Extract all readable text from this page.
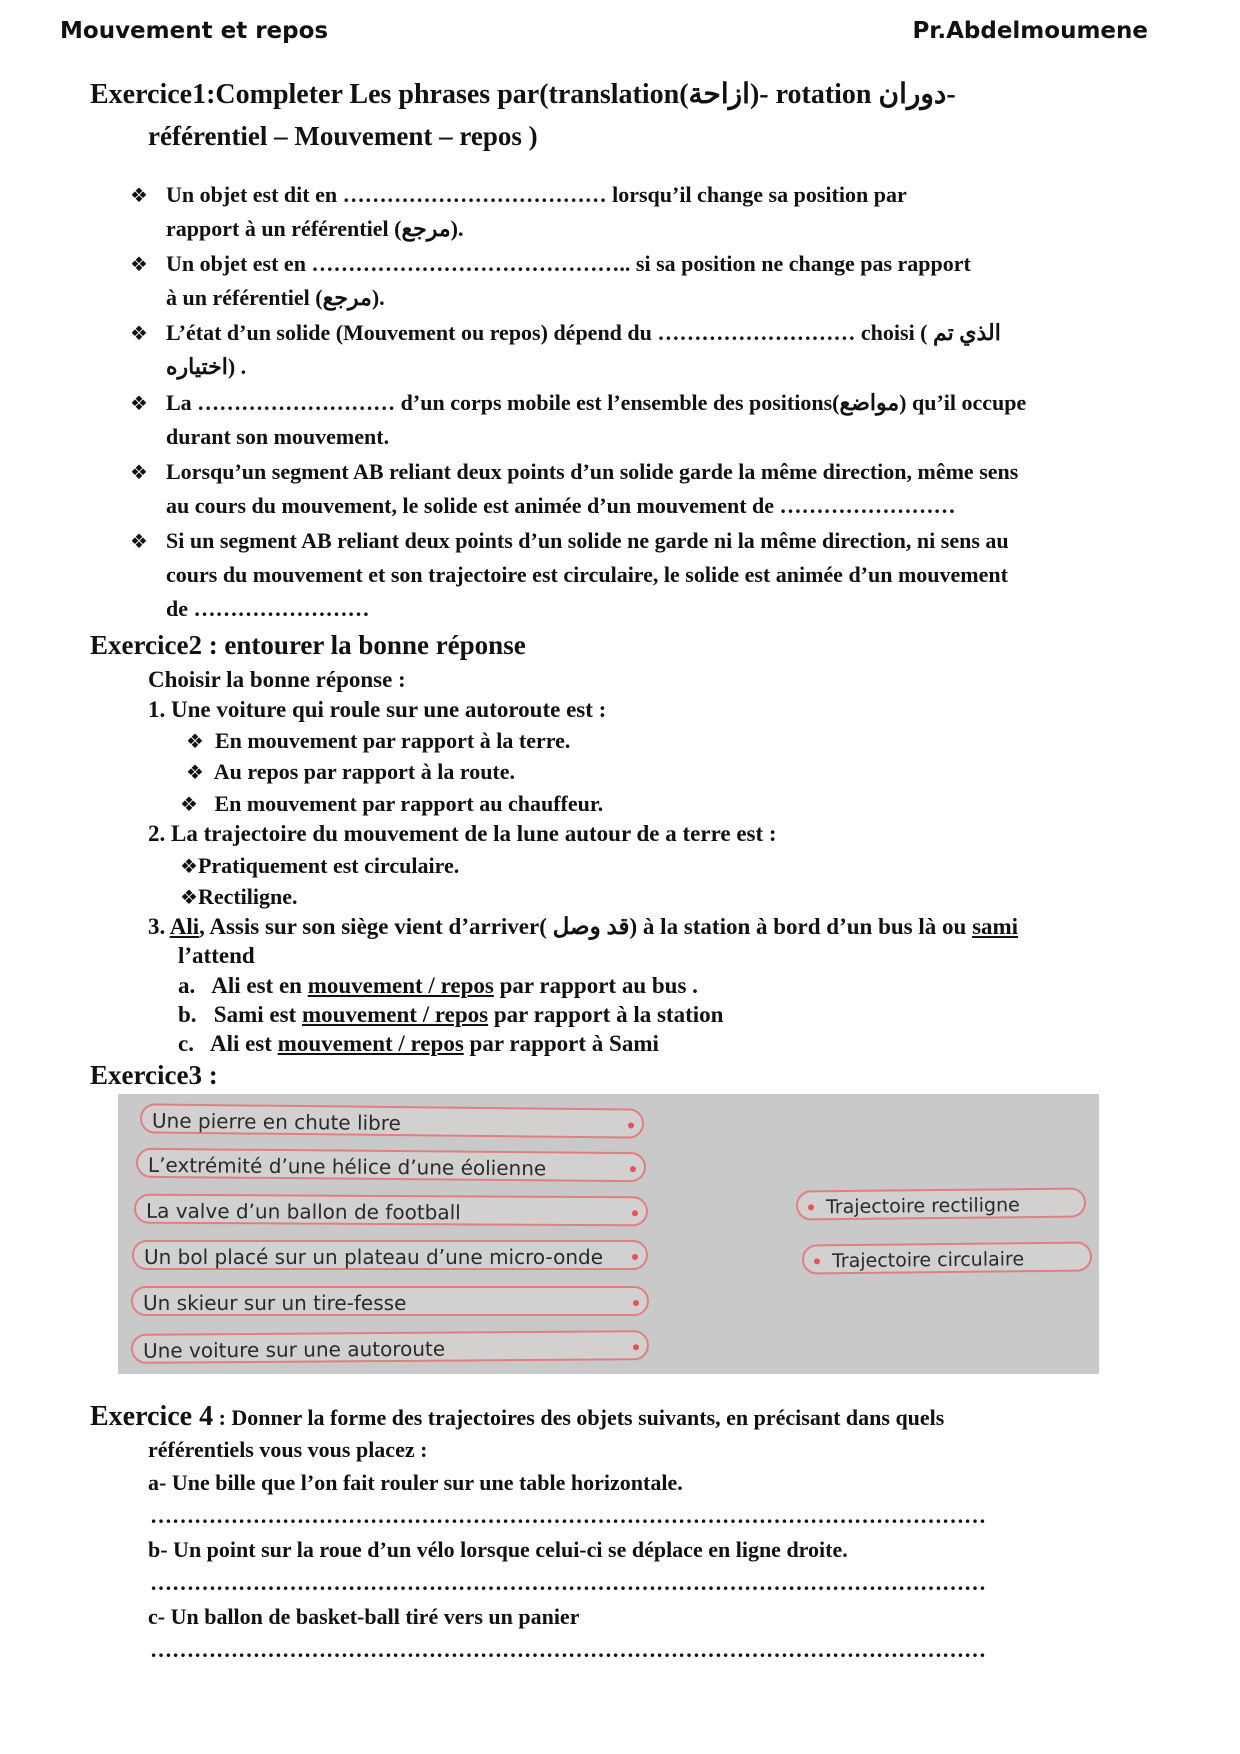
Mouvement et repos	Pr.Abdelmoumene
Exercice1:Completer Les phrases par(translation(ازاحة)- rotation دوران-
référentiel – Mouvement – repos )
❖ Un objet est dit en ……………………………… lorsqu’il change sa position par
rapport à un référentiel (مرجع).
❖ Un objet est en …………………………………….. si sa position ne change pas rapport
à un référentiel (مرجع).
❖ L’état d’un solide (Mouvement ou repos) dépend du ……………………… choisi ( الذي تم
اختياره) .
❖ La ……………………… d’un corps mobile est l’ensemble des positions(مواضع) qu’il occupe
durant son mouvement.
❖ Lorsqu’un segment AB reliant deux points d’un solide garde la même direction, même sens
au cours du mouvement, le solide est animée d’un mouvement de ……………………
❖ Si un segment AB reliant deux points d’un solide ne garde ni la même direction, ni sens au
cours du mouvement et son trajectoire est circulaire, le solide est animée d’un mouvement
de ……………………
Exercice2 : entourer la bonne réponse
Choisir la bonne réponse :
1. Une voiture qui roule sur une autoroute est :
❖ En mouvement par rapport à la terre.
❖ Au repos par rapport à la route.
❖ En mouvement par rapport au chauffeur.
2. La trajectoire du mouvement de la lune autour de a terre est :
❖Pratiquement est circulaire.
❖Rectiligne.
3. Ali, Assis sur son siège vient d’arriver( قد وصل) à la station à bord d’un bus là ou sami
l’attend
a. Ali est en mouvement / repos par rapport au bus .
b. Sami est mouvement / repos par rapport à la station
c. Ali est mouvement / repos par rapport à Sami
Exercice3 :
Une pierre en chute libre
L’extrémité d’une hélice d’une éolienne
La valve d’un ballon de football
Un bol placé sur un plateau d’une micro-onde
Un skieur sur un tire-fesse
Une voiture sur une autoroute
Trajectoire rectiligne
Trajectoire circulaire
Exercice 4 : Donner la forme des trajectoires des objets suivants, en précisant dans quels
référentiels vous vous placez :
a- Une bille que l’on fait rouler sur une table horizontale.
……………………………………………………………………………………………………
b- Un point sur la roue d’un vélo lorsque celui-ci se déplace en ligne droite.
……………………………………………………………………………………………………
c- Un ballon de basket-ball tiré vers un panier
……………………………………………………………………………………………………
